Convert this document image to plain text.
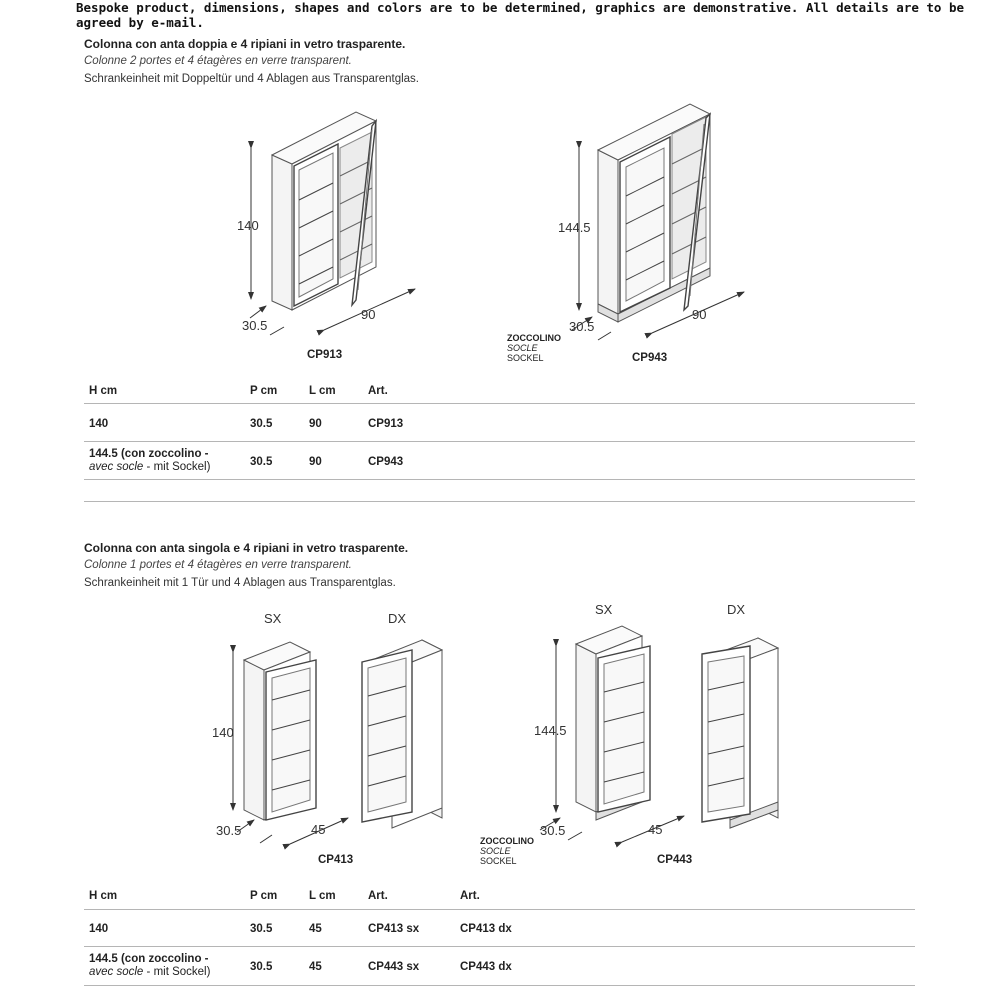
Bespoke product, dimensions, shapes and colors are to be determined, graphics are demonstrative. All details are to be agreed by e-mail.
Colonna con anta doppia e 4 ripiani in vetro trasparente.
Colonne 2 portes et 4 étagères en verre transparent.
Schrankeinheit mit Doppeltür und 4 Ablagen aus Transparentglas.
140
30.5
90
CP913
144.5
30.5
90
CP943
ZOCCOLINO
SOCLE
SOCKEL
H cm	P cm	L cm	Art.
140	30.5	90	CP913
144.5 (con zoccolino -
avec socle - mit Sockel)	30.5	90	CP943
Colonna con anta singola e 4 ripiani in vetro trasparente.
Colonne 1 portes et 4 étagères en verre transparent.
Schrankeinheit mit 1 Tür und 4 Ablagen aus Transparentglas.
SX	DX
140
30.5	45
CP413
SX	DX
144.5
30.5	45
CP443
ZOCCOLINO
SOCLE
SOCKEL
H cm	P cm	L cm	Art.	Art.
140	30.5	45	CP413 sx	CP413 dx
144.5 (con zoccolino -
avec socle - mit Sockel)	30.5	45	CP443 sx	CP443 dx
